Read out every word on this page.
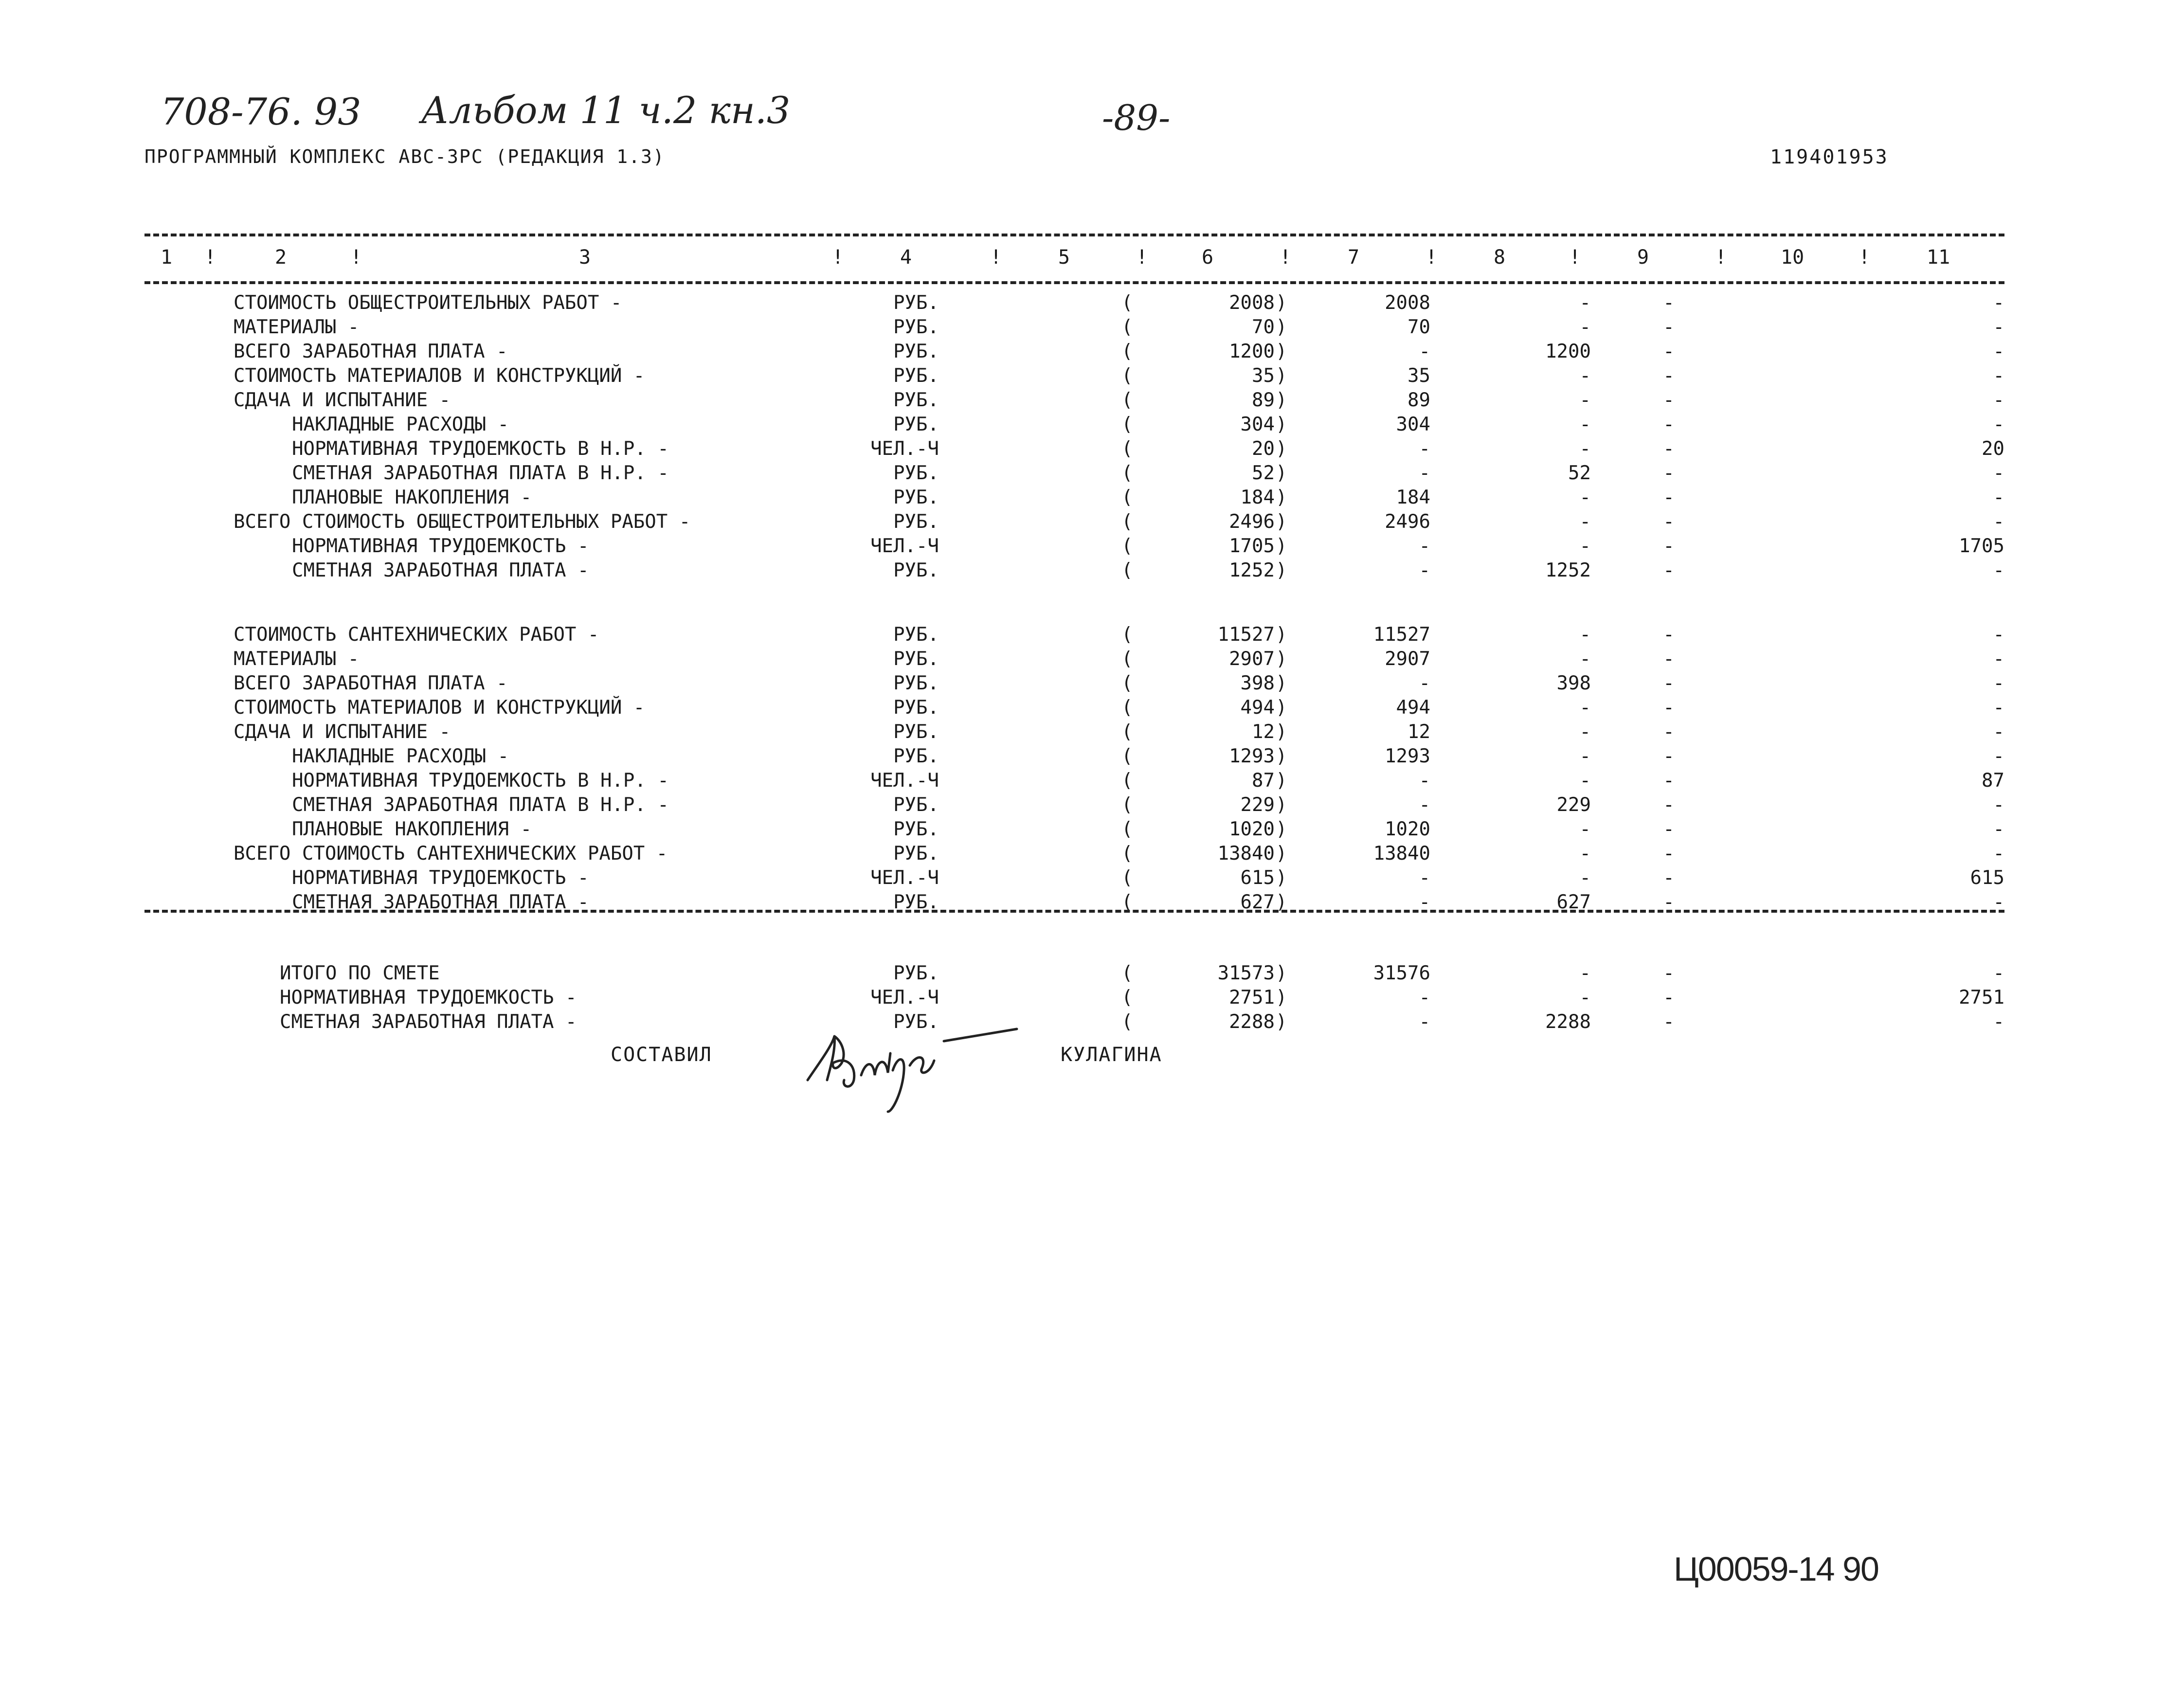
708-76. 93 Альбом 11 ч.2 кн.3	-89-
ПРОГРАММНЫЙ КОМПЛЕКС АВС-3РС (РЕДАКЦИЯ 1.3)	119401953
1 !	2	!	3	!	4	!	5	!	6	!	7	!	8	!	9	!	10	!	11
СТОИМОСТЬ ОБЩЕСТРОИТЕЛЬНЫХ РАБОТ -	РУБ.	(	2008 )	2008	-	-	-
МАТЕРИАЛЫ -	РУБ.	(	70 )	70	-	-	-
ВСЕГО ЗАРАБОТНАЯ ПЛАТА -	РУБ.	(	1200 )	-	1200	-	-
СТОИМОСТЬ МАТЕРИАЛОВ И КОНСТРУКЦИЙ -	РУБ.	(	35 )	35	-	-	-
СДАЧА И ИСПЫТАНИЕ -	РУБ.	(	89 )	89	-	-	-
НАКЛАДНЫЕ РАСХОДЫ -	РУБ.	(	304 )	304	-	-	-
НОРМАТИВНАЯ ТРУДОЕМКОСТЬ В Н.Р. -	ЧЕЛ.-Ч	(	20 )	-	-	-	20
СМЕТНАЯ ЗАРАБОТНАЯ ПЛАТА В Н.Р. -	РУБ.	(	52 )	-	52	-	-
ПЛАНОВЫЕ НАКОПЛЕНИЯ -	РУБ.	(	184 )	184	-	-	-
ВСЕГО СТОИМОСТЬ ОБЩЕСТРОИТЕЛЬНЫХ РАБОТ -	РУБ.	(	2496 )	2496	-	-	-
НОРМАТИВНАЯ ТРУДОЕМКОСТЬ -	ЧЕЛ.-Ч	(	1705 )	-	-	-	1705
СМЕТНАЯ ЗАРАБОТНАЯ ПЛАТА -	РУБ.	(	1252 )	-	1252	-	-
СТОИМОСТЬ САНТЕХНИЧЕСКИХ РАБОТ -	РУБ.	(	11527 )	11527	-	-	-
МАТЕРИАЛЫ -	РУБ.	(	2907 )	2907	-	-	-
ВСЕГО ЗАРАБОТНАЯ ПЛАТА -	РУБ.	(	398 )	-	398	-	-
СТОИМОСТЬ МАТЕРИАЛОВ И КОНСТРУКЦИЙ -	РУБ.	(	494 )	494	-	-	-
СДАЧА И ИСПЫТАНИЕ -	РУБ.	(	12 )	12	-	-	-
НАКЛАДНЫЕ РАСХОДЫ -	РУБ.	(	1293 )	1293	-	-	-
НОРМАТИВНАЯ ТРУДОЕМКОСТЬ В Н.Р. -	ЧЕЛ.-Ч	(	87 )	-	-	-	87
СМЕТНАЯ ЗАРАБОТНАЯ ПЛАТА В Н.Р. -	РУБ.	(	229 )	-	229	-	-
ПЛАНОВЫЕ НАКОПЛЕНИЯ -	РУБ.	(	1020 )	1020	-	-	-
ВСЕГО СТОИМОСТЬ САНТЕХНИЧЕСКИХ РАБОТ -	РУБ.	(	13840 )	13840	-	-	-
НОРМАТИВНАЯ ТРУДОЕМКОСТЬ -	ЧЕЛ.-Ч	(	615 )	-	-	-	615
СМЕТНАЯ ЗАРАБОТНАЯ ПЛАТА -	РУБ.	(	627 )	-	627	-	-
ИТОГО ПО СМЕТЕ	РУБ.	(	31573 )	31576	-	-	-
НОРМАТИВНАЯ ТРУДОЕМКОСТЬ -	ЧЕЛ.-Ч	(	2751 )	-	-	-	2751
СМЕТНАЯ ЗАРАБОТНАЯ ПЛАТА -	РУБ.	(	2288 )	-	2288	-	-
СОСТАВИЛ	КУЛАГИНА
Ц00059-14 90
